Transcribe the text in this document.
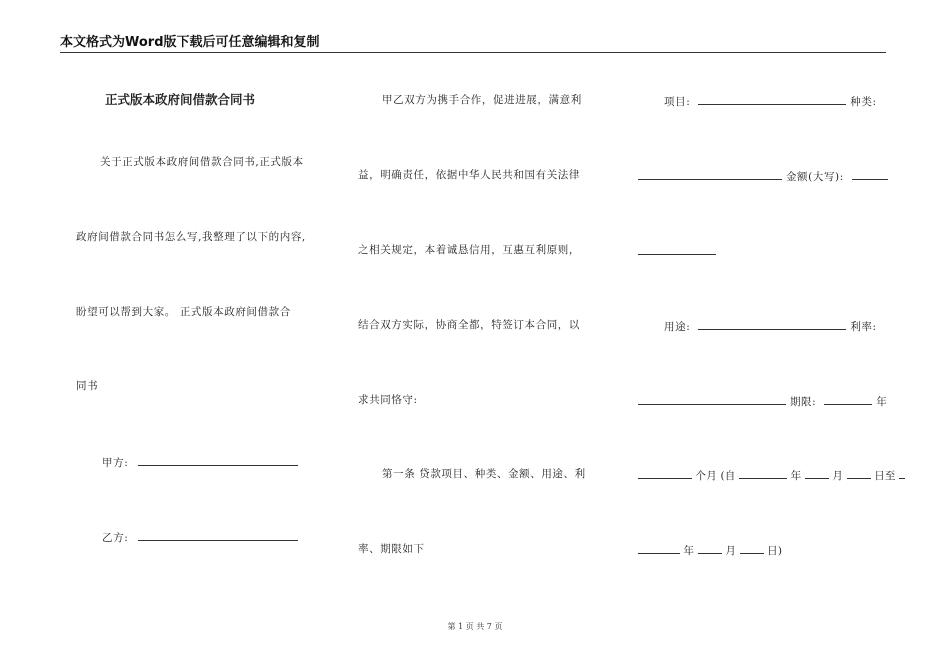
本文格式为Word版下载后可任意编辑和复制
正式版本政府间借款合同书
关于正式版本政府间借款合同书,正式版本
政府间借款合同书怎么写,我整理了以下的内容,
盼望可以帮到大家。 正式版本政府间借款合
同书
甲方:
乙方:
甲乙双方为携手合作，促进进展，满意利
益，明确责任，依据中华人民共和国有关法律
之相关规定，本着诚恳信用，互惠互利原则，
结合双方实际，协商全都，特签订本合同，以
求共同恪守:
第一条 贷款项目、种类、金额、用途、利
率、期限如下
项目:	种类:
金额(大写):
用途:	利率:
期限:	年
个月 (自	年	月	日至
年	月	日)
第 1 页 共 7 页
